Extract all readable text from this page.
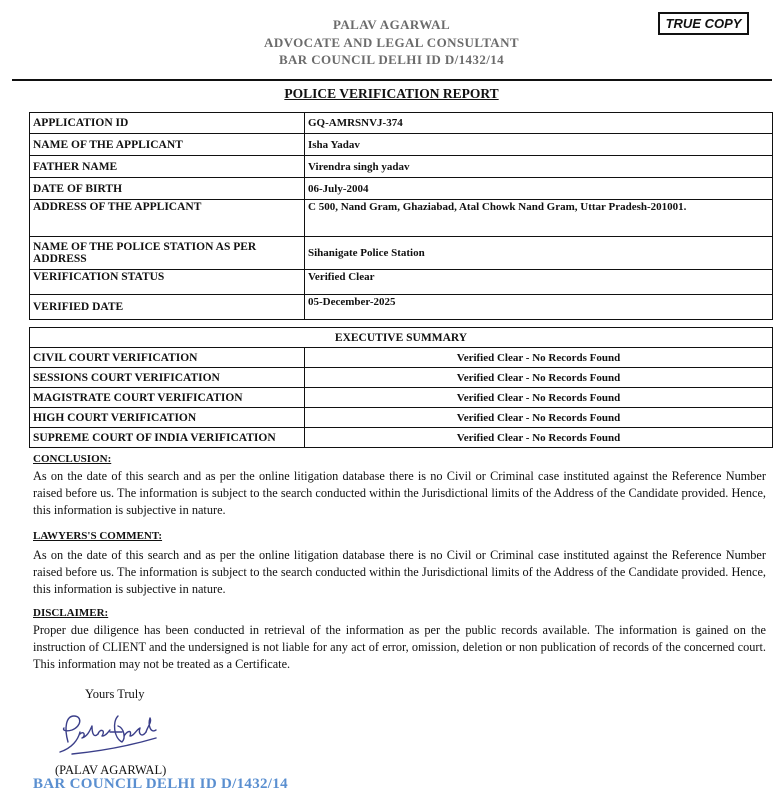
PALAV AGARWAL
ADVOCATE AND LEGAL CONSULTANT
BAR COUNCIL DELHI ID D/1432/14
TRUE COPY
POLICE VERIFICATION REPORT
APPLICATION ID	GQ-AMRSNVJ-374
NAME OF THE APPLICANT	Isha Yadav
FATHER NAME	Virendra singh yadav
DATE OF BIRTH	06-July-2004
ADDRESS OF THE APPLICANT	C 500, Nand Gram, Ghaziabad, Atal Chowk Nand Gram, Uttar Pradesh-201001.
NAME OF THE POLICE STATION AS PER ADDRESS	Sihanigate Police Station
VERIFICATION STATUS	Verified Clear
VERIFIED DATE	05-December-2025
EXECUTIVE SUMMARY	
CIVIL COURT VERIFICATION	Verified Clear - No Records Found
SESSIONS COURT VERIFICATION	Verified Clear - No Records Found
MAGISTRATE COURT VERIFICATION	Verified Clear - No Records Found
HIGH COURT VERIFICATION	Verified Clear - No Records Found
SUPREME COURT OF INDIA VERIFICATION	Verified Clear - No Records Found
CONCLUSION:
As on the date of this search and as per the online litigation database there is no Civil or Criminal case instituted against the Reference Number raised before us. The information is subject to the search conducted within the Jurisdictional limits of the Address of the Candidate provided. Hence, this information is subjective in nature.
LAWYERS'S COMMENT:
As on the date of this search and as per the online litigation database there is no Civil or Criminal case instituted against the Reference Number raised before us. The information is subject to the search conducted within the Jurisdictional limits of the Address of the Candidate provided. Hence, this information is subjective in nature.
DISCLAIMER:
Proper due diligence has been conducted in retrieval of the information as per the public records available. The information is gained on the instruction of CLIENT and the undersigned is not liable for any act of error, omission, deletion or non publication of records of the concerned court. This information may not be treated as a Certificate.
Yours Truly
(PALAV AGARWAL)
BAR COUNCIL DELHI ID D/1432/14
